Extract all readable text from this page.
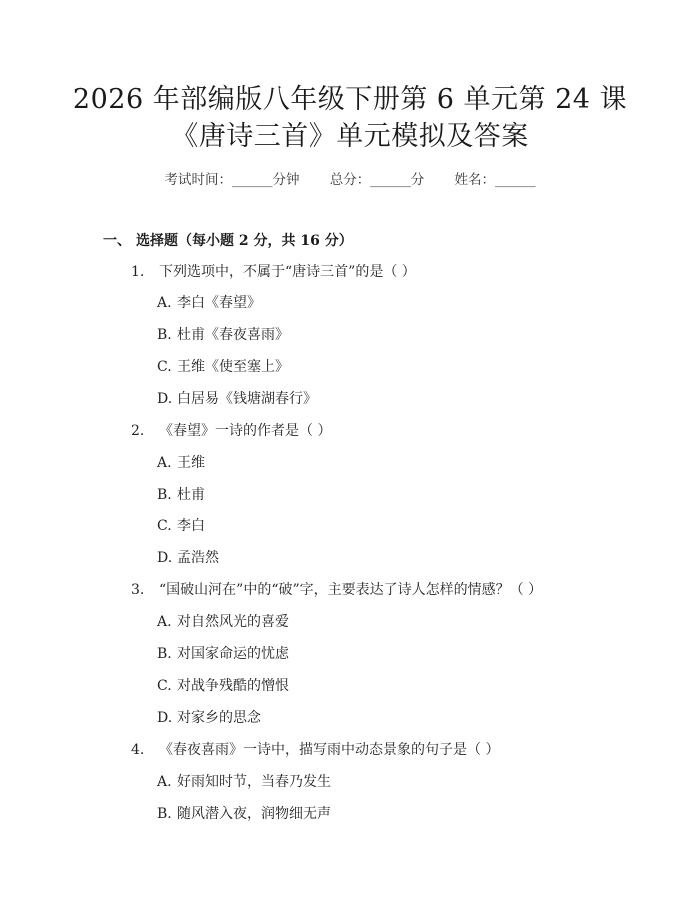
2026 年部编版八年级下册第 6 单元第 24 课
《唐诗三首》单元模拟及答案
考试时间：______分钟 总分：______分 姓名：______
一、 选择题（每小题 2 分，共 16 分）
1. 下列选项中，不属于“唐诗三首”的是（ ）
A. 李白《春望》
B. 杜甫《春夜喜雨》
C. 王维《使至塞上》
D. 白居易《钱塘湖春行》
2. 《春望》一诗的作者是（ ）
A. 王维
B. 杜甫
C. 李白
D. 孟浩然
3. “国破山河在”中的“破”字，主要表达了诗人怎样的情感？（ ）
A. 对自然风光的喜爱
B. 对国家命运的忧虑
C. 对战争残酷的憎恨
D. 对家乡的思念
4. 《春夜喜雨》一诗中，描写雨中动态景象的句子是（ ）
A. 好雨知时节，当春乃发生
B. 随风潜入夜，润物细无声
